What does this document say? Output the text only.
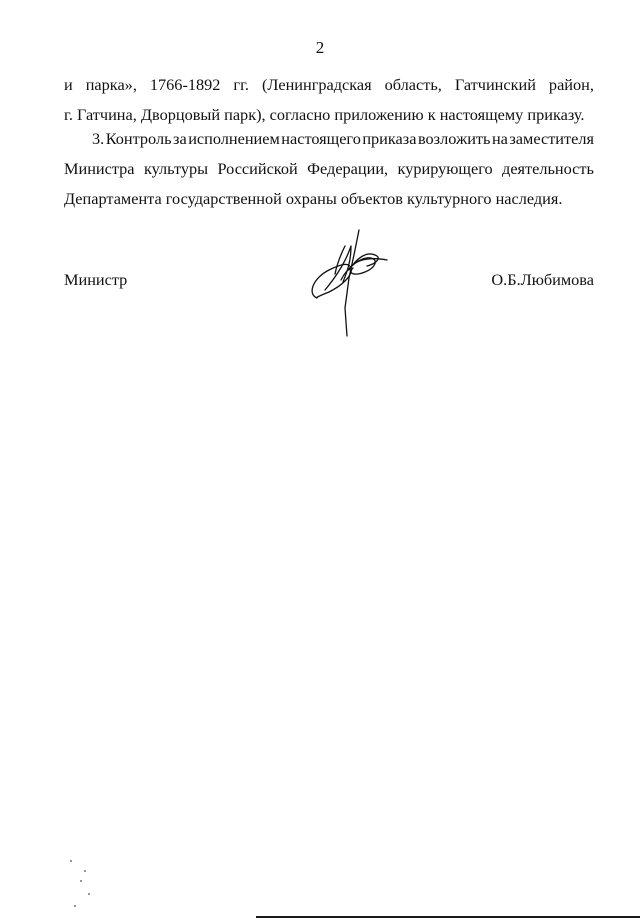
2
и парка», 1766-1892 гг. (Ленинградская область, Гатчинский район,
г. Гатчина, Дворцовый парк), согласно приложению к настоящему приказу.
3. Контроль за исполнением настоящего приказа возложить на заместителя
Министра культуры Российской Федерации, курирующего деятельность
Департамента государственной охраны объектов культурного наследия.
Министр	О.Б.Любимова
